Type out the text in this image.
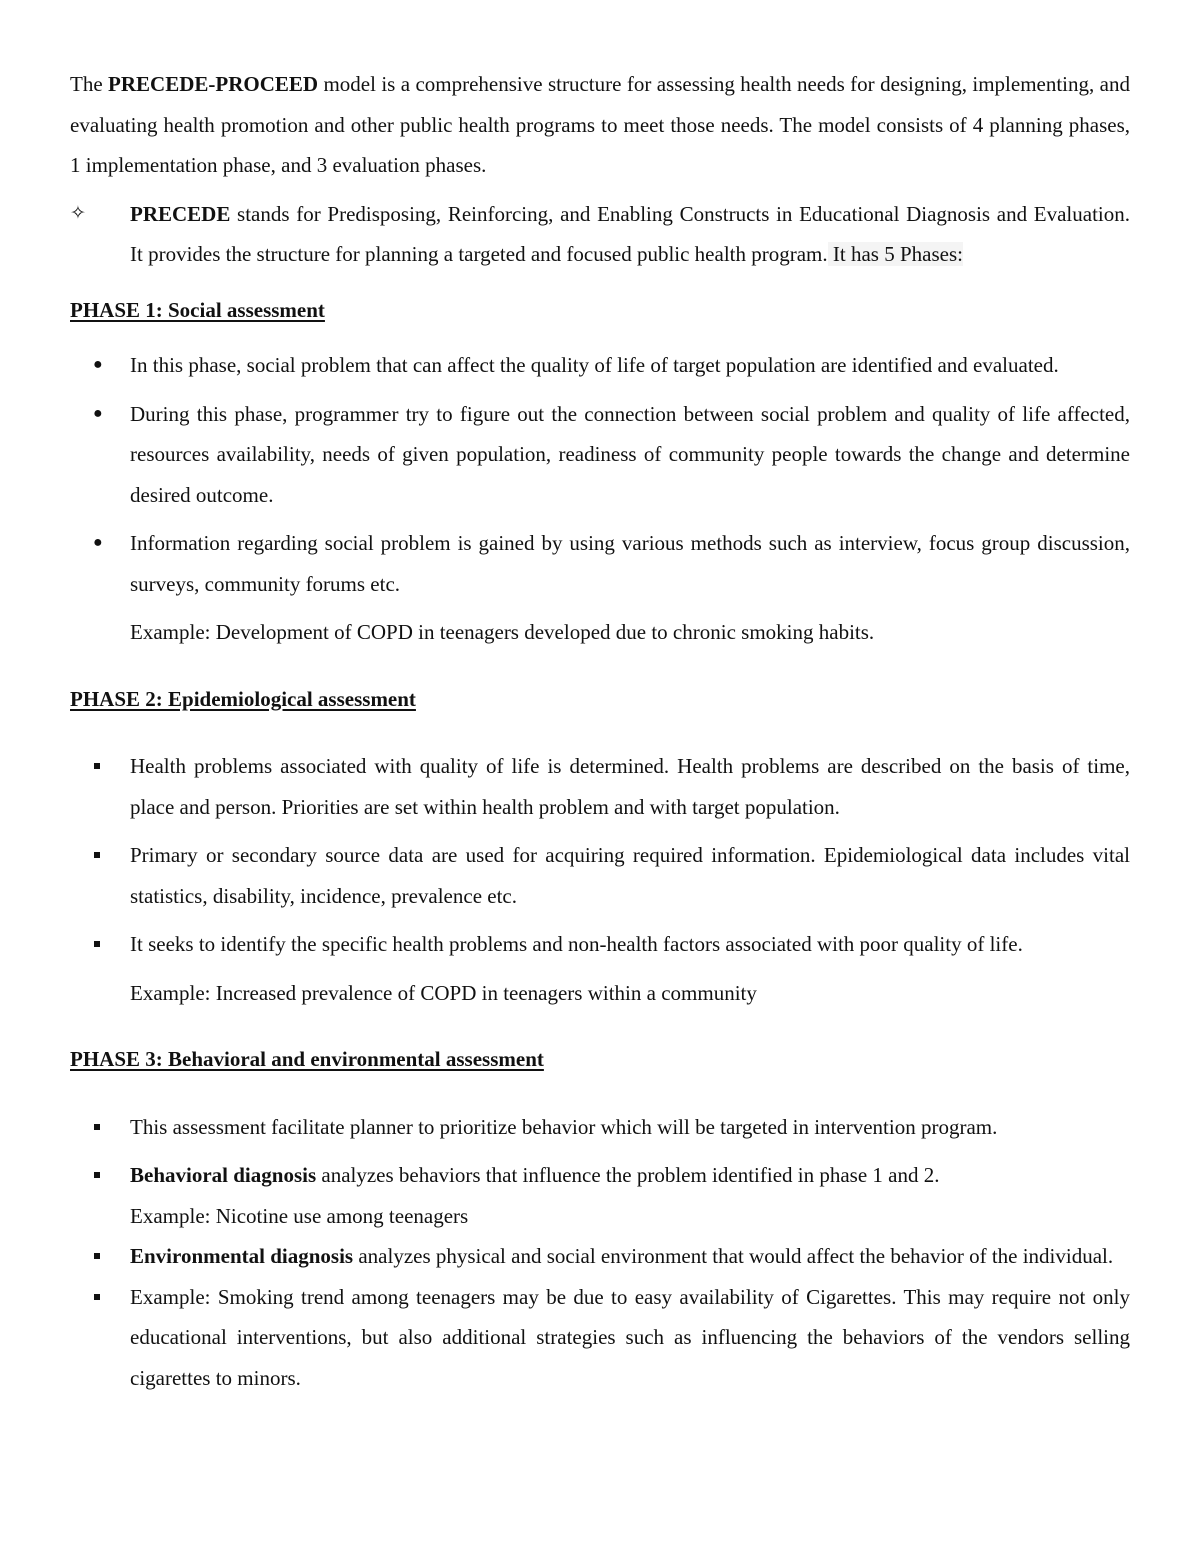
The PRECEDE-PROCEED model is a comprehensive structure for assessing health needs for designing, implementing, and evaluating health promotion and other public health programs to meet those needs. The model consists of 4 planning phases, 1 implementation phase, and 3 evaluation phases.

✧	PRECEDE stands for Predisposing, Reinforcing, and Enabling Constructs in Educational Diagnosis and Evaluation. It provides the structure for planning a targeted and focused public health program. It has 5 Phases:

PHASE 1: Social assessment

●	In this phase, social problem that can affect the quality of life of target population are identified and evaluated.
●	During this phase, programmer try to figure out the connection between social problem and quality of life affected, resources availability, needs of given population, readiness of community people towards the change and determine desired outcome.
●	Information regarding social problem is gained by using various methods such as interview, focus group discussion, surveys, community forums etc.

Example: Development of COPD in teenagers developed due to chronic smoking habits.

PHASE 2: Epidemiological assessment

Health problems associated with quality of life is determined. Health problems are described on the basis of time, place and person. Priorities are set within health problem and with target population.
Primary or secondary source data are used for acquiring required information. Epidemiological data includes vital statistics, disability, incidence, prevalence etc.
It seeks to identify the specific health problems and non-health factors associated with poor quality of life.

Example: Increased prevalence of COPD in teenagers within a community

PHASE 3: Behavioral and environmental assessment

This assessment facilitate planner to prioritize behavior which will be targeted in intervention program.
Behavioral diagnosis analyzes behaviors that influence the problem identified in phase 1 and 2.
Example: Nicotine use among teenagers
Environmental diagnosis analyzes physical and social environment that would affect the behavior of the individual.
Example: Smoking trend among teenagers may be due to easy availability of Cigarettes. This may require not only educational interventions, but also additional strategies such as influencing the behaviors of the vendors selling cigarettes to minors.
